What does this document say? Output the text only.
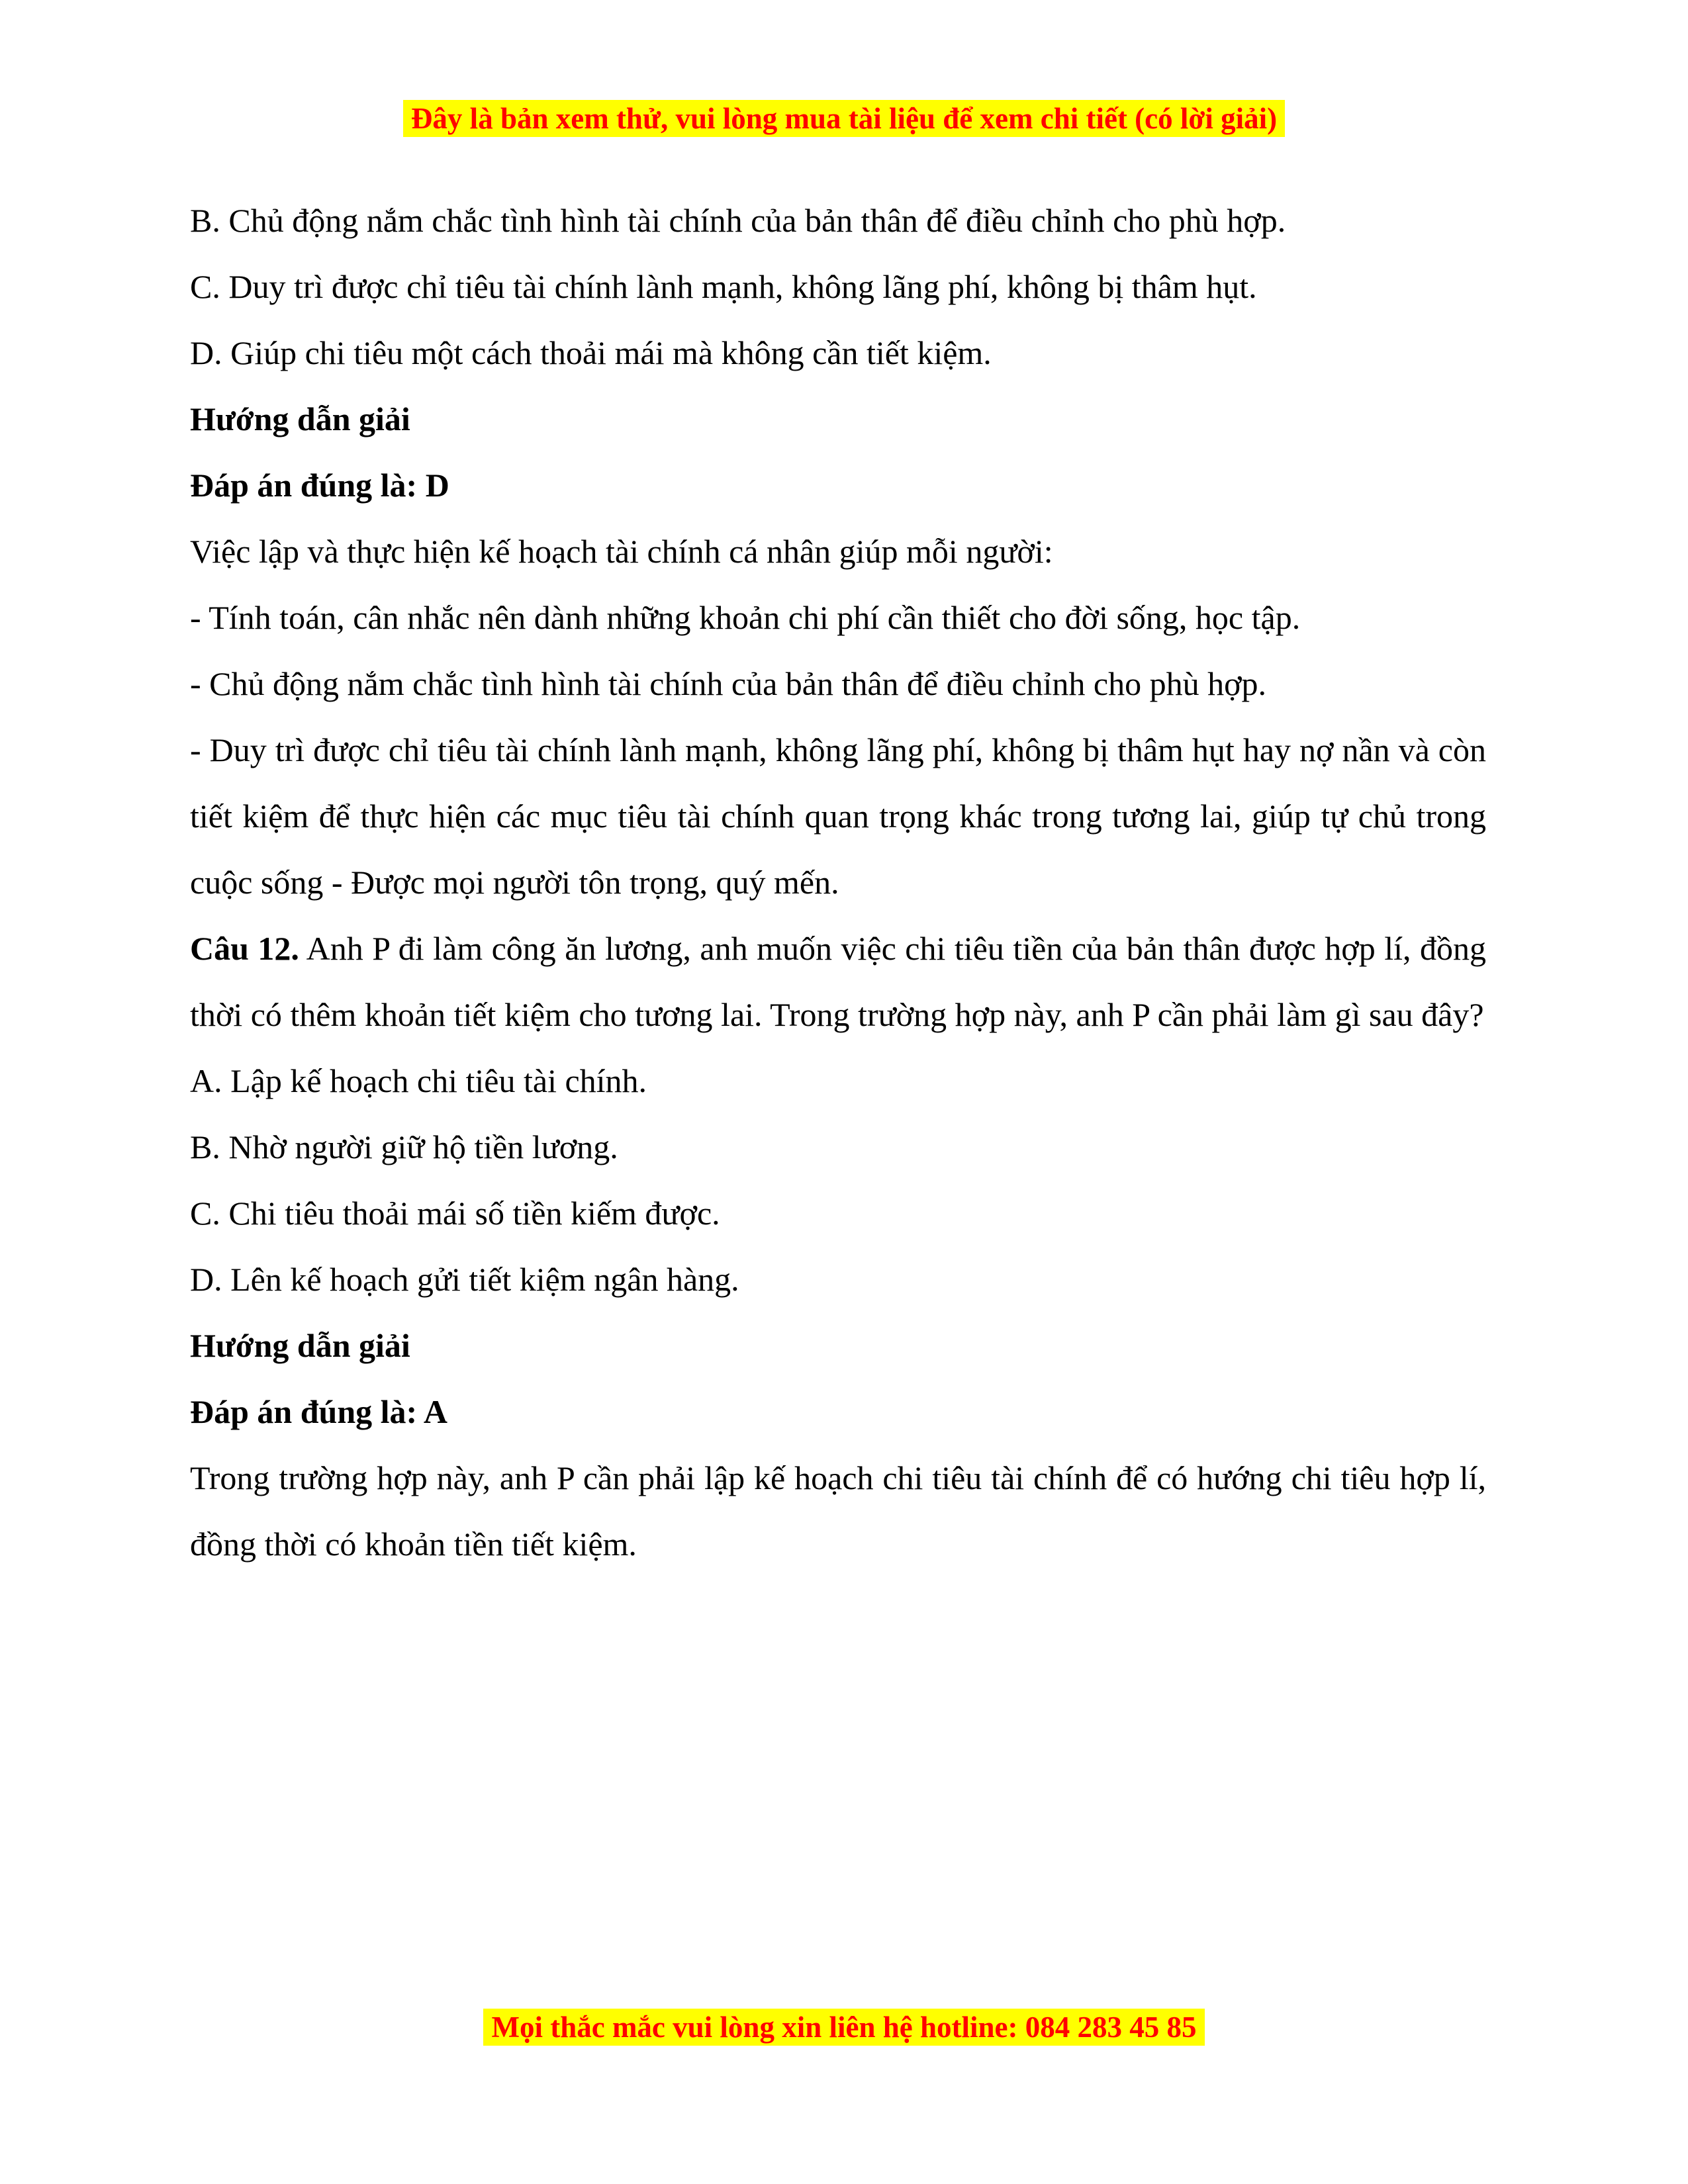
Đây là bản xem thử, vui lòng mua tài liệu để xem chi tiết (có lời giải)

B. Chủ động nắm chắc tình hình tài chính của bản thân để điều chỉnh cho phù hợp.

C. Duy trì được chỉ tiêu tài chính lành mạnh, không lãng phí, không bị thâm hụt.

D. Giúp chi tiêu một cách thoải mái mà không cần tiết kiệm.

Hướng dẫn giải

Đáp án đúng là: D

Việc lập và thực hiện kế hoạch tài chính cá nhân giúp mỗi người:

- Tính toán, cân nhắc nên dành những khoản chi phí cần thiết cho đời sống, học tập.

- Chủ động nắm chắc tình hình tài chính của bản thân để điều chỉnh cho phù hợp.

- Duy trì được chỉ tiêu tài chính lành mạnh, không lãng phí, không bị thâm hụt hay nợ nần và còn tiết kiệm để thực hiện các mục tiêu tài chính quan trọng khác trong tương lai, giúp tự chủ trong cuộc sống - Được mọi người tôn trọng, quý mến.

Câu 12. Anh P đi làm công ăn lương, anh muốn việc chi tiêu tiền của bản thân được hợp lí, đồng thời có thêm khoản tiết kiệm cho tương lai. Trong trường hợp này, anh P cần phải làm gì sau đây?

A. Lập kế hoạch chi tiêu tài chính.

B. Nhờ người giữ hộ tiền lương.

C. Chi tiêu thoải mái số tiền kiếm được.

D. Lên kế hoạch gửi tiết kiệm ngân hàng.

Hướng dẫn giải

Đáp án đúng là: A

Trong trường hợp này, anh P cần phải lập kế hoạch chi tiêu tài chính để có hướng chi tiêu hợp lí, đồng thời có khoản tiền tiết kiệm.

Mọi thắc mắc vui lòng xin liên hệ hotline: 084 283 45 85
